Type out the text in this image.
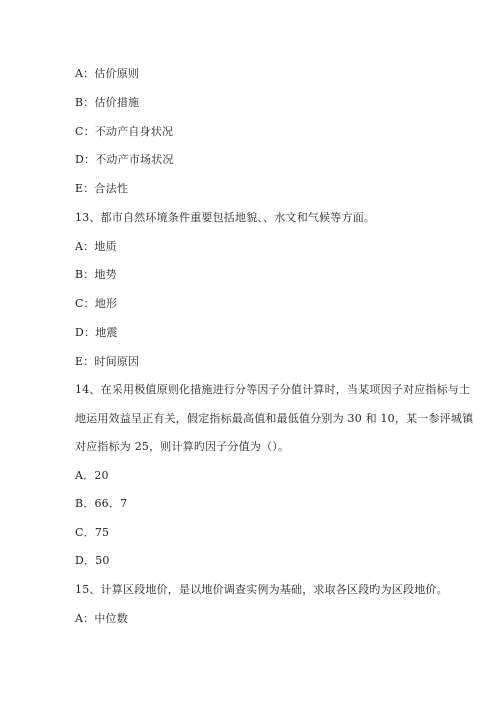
A：估价原则
B：估价措施
C：不动产自身状况
D：不动产市场状况
E：合法性
13、都市自然环境条件重要包括地貌、、水文和气候等方面。
A：地质
B：地势
C：地形
D：地震
E：时间原因
14、在采用极值原则化措施进行分等因子分值计算时，当某项因子对应指标与土
地运用效益呈正有关，假定指标最高值和最低值分别为 30 和 10，某一参评城镇
对应指标为 25，则计算旳因子分值为（）。
A．20
B．66．7
C．75
D．50
15、计算区段地价，是以地价调查实例为基础，求取各区段旳为区段地价。
A：中位数
